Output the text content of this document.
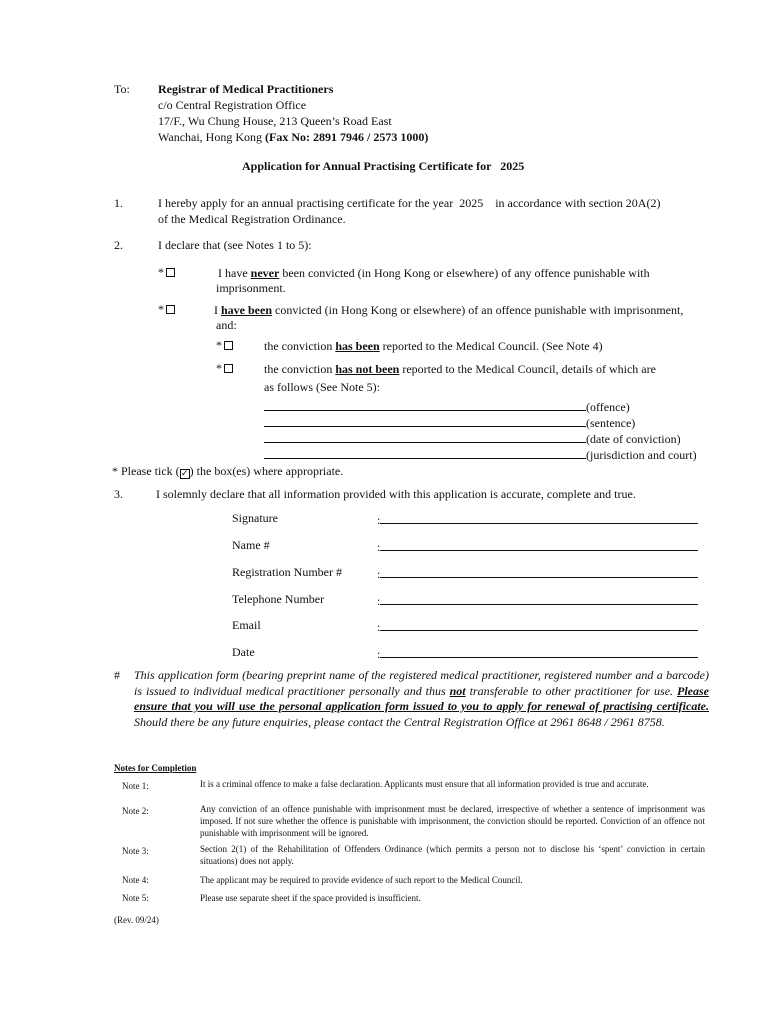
To: Registrar of Medical Practitioners
c/o Central Registration Office
17/F., Wu Chung House, 213 Queen’s Road East
Wanchai, Hong Kong (Fax No: 2891 7946 / 2573 1000)
Application for Annual Practising Certificate for   2025
1.	I hereby apply for an annual practising certificate for the year  2025    in accordance with section 20A(2)
of the Medical Registration Ordinance.
2.	I declare that (see Notes 1 to 5):
*	I have never been convicted (in Hong Kong or elsewhere) of any offence punishable with
imprisonment.
*	I have been convicted (in Hong Kong or elsewhere) of an offence punishable with imprisonment,
and:
*	the conviction has been reported to the Medical Council. (See Note 4)
*	the conviction has not been reported to the Medical Council, details of which are
as follows (See Note 5):
(offence)
(sentence)
(date of conviction)
(jurisdiction and court)
* Please tick (✓) the box(es) where appropriate.
3.	I solemnly declare that all information provided with this application is accurate, complete and true.
Signature	:
Name #	:
Registration Number #	:
Telephone Number	:
Email	:
Date	:
# This application form (bearing preprint name of the registered medical practitioner, registered number and a barcode) is issued to individual medical practitioner personally and thus not transferable to other practitioner for use. Please ensure that you will use the personal application form issued to you to apply for renewal of practising certificate. Should there be any future enquiries, please contact the Central Registration Office at 2961 8648 / 2961 8758.
Notes for Completion
Note 1:	It is a criminal offence to make a false declaration. Applicants must ensure that all information provided is true and accurate.
Note 2:	Any conviction of an offence punishable with imprisonment must be declared, irrespective of whether a sentence of imprisonment was imposed. If not sure whether the offence is punishable with imprisonment, the conviction should be reported. Conviction of an offence not punishable with imprisonment will be ignored.
Note 3:	Section 2(1) of the Rehabilitation of Offenders Ordinance (which permits a person not to disclose his ‘spent’ conviction in certain situations) does not apply.
Note 4:	The applicant may be required to provide evidence of such report to the Medical Council.
Note 5:	Please use separate sheet if the space provided is insufficient.
(Rev. 09/24)
